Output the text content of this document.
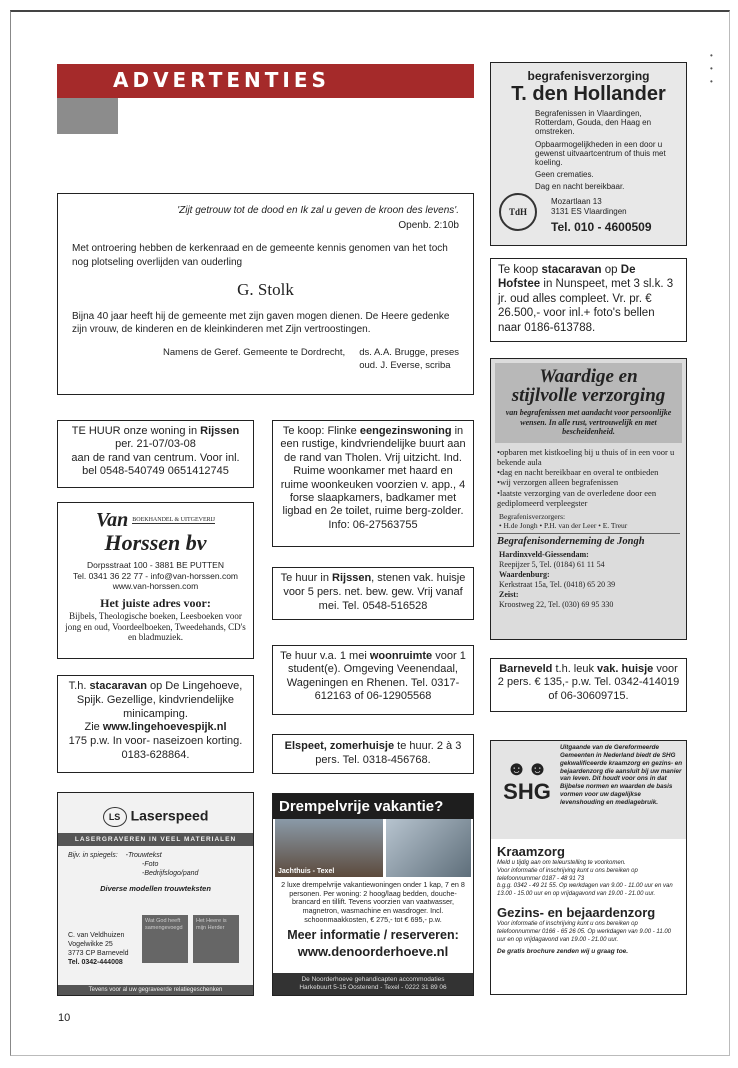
•
•
•
ADVERTENTIES
'Zijt getrouw tot de dood en Ik zal u geven de kroon des levens'.
Openb. 2:10b
Met ontroering hebben de kerkenraad en de gemeente kennis genomen van het toch nog plotseling overlijden van ouderling
G. Stolk
Bijna 40 jaar heeft hij de gemeente met zijn gaven mogen dienen. De Heere gedenke zijn vrouw, de kinderen en de kleinkinderen met Zijn vertroostingen.
Namens de Geref. Gemeente te Dordrecht, ds. A.A. Brugge, preses
oud. J. Everse, scriba
begrafenisverzorging
T. den Hollander
Begrafenissen in Vlaardingen, Rotterdam, Gouda, den Haag en omstreken.
Opbaarmogelijkheden in een door u gewenst uitvaartcentrum of thuis met koeling.
Geen crematies.
Dag en nacht bereikbaar.
TdH
Mozartlaan 13
3131 ES Vlaardingen
Tel. 010 - 4600509
Te koop stacaravan op De Hofstee in Nunspeet, met 3 sl.k. 3 jr. oud alles compleet. Vr. pr. € 26.500,- voor inl.+ foto's bellen naar 0186-613788.
Waardige en
stijlvolle verzorging
van begrafenissen met aandacht voor persoonlijke wensen. In alle rust, vertrouwelijk en met bescheidenheid.
• opbaren met kistkoeling bij u thuis of in een voor u bekende aula
• dag en nacht bereikbaar en overal te ontbieden
• wij verzorgen alleen begrafenissen
• laatste verzorging van de overledene door een gediplomeerd verpleegster
Begrafenisverzorgers:
• H.de Jongh • P.H. van der Leer • E. Treur
Begrafenisonderneming de Jongh
Hardinxveld-Giessendam:
Reepijzer 5, Tel. (0184) 61 11 54
Waardenburg:
Kerkstraat 15a, Tel. (0418) 65 20 39
Zeist:
Kroostweg 22, Tel. (030) 69 95 330
TE HUUR onze woning in Rijssen
per. 21-07/03-08
aan de rand van centrum. Voor inl.
bel 0548-540749 0651412745
Te koop: Flinke eengezinswoning in een rustige, kindvriendelijke buurt aan de rand van Tholen. Vrij uitzicht. Ind. Ruime woonkamer met haard en ruime woonkeuken voorzien v. app., 4 forse slaapkamers, badkamer met ligbad en 2e toilet, ruime berg-zolder. Info: 06-27563755
Van BOEKHANDEL & UITGEVERIJ
Horssen bv
Dorpsstraat 100 - 3881 BE PUTTEN
Tel. 0341 36 22 77 - info@van-horssen.com
www.van-horssen.com
Het juiste adres voor:
Bijbels, Theologische boeken, Leesboeken voor jong en oud, Voordeelboeken, Tweedehands, CD's en bladmuziek.
Te huur in Rijssen, stenen vak. huisje voor 5 pers. net. bew. gew. Vrij vanaf mei. Tel. 0548-516528
Te huur v.a. 1 mei woonruimte voor 1 student(e). Omgeving Veenendaal, Wageningen en Rhenen. Tel. 0317-612163 of 06-12905568
Barneveld t.h. leuk vak. huisje voor 2 pers. € 135,- p.w. Tel. 0342-414019 of 06-30609715.
T.h. stacaravan op De Lingehoeve, Spijk. Gezellige, kindvriendelijke minicamping.
Zie www.lingehoevespijk.nl
175 p.w. In voor- naseizoen korting. 0183-628864.
Elspeet, zomerhuisje te huur. 2 à 3 pers. Tel. 0318-456768.
LS Laserspeed
LASERGRAVEREN IN VEEL MATERIALEN
Bijv. in spiegels: -Trouwtekst
-Foto
-Bedrijfslogo/pand
Diverse modellen trouwteksten
Wat God heeft samengevoegd
Het Heere is mijn Herder
C. van Veldhuizen
Vogelwikke 25
3773 CP Barneveld
Tel. 0342-444008
Tevens voor al uw gegraveerde relatiegeschenken
Drempelvrije vakantie?
Jachthuis - Texel
2 luxe drempelvrije vakantiewoningen onder 1 kap, 7 en 8 personen. Per woning: 2 hoog/laag bedden, douche-brancard en tillift. Tevens voorzien van vaatwasser, magnetron, wasmachine en wasdroger. Incl. schoonmaakkosten, € 275,- tot € 695,- p.w.
Meer informatie / reserveren:
www.denoorderhoeve.nl
De Noorderhoeve gehandicapten accommodaties
Harkebuurt 5-15 Oosterend - Texel - 0222 31 89 06
☻☻
SHG
Uitgaande van de Gereformeerde Gemeenten in Nederland biedt de SHG gekwalificeerde kraamzorg en gezins- en bejaardenzorg die aansluit bij uw manier van leven. Dit houdt voor ons in dat Bijbelse normen en waarden de basis vormen voor uw dagelijkse levenshouding en mediagebruik.
Kraamzorg
Meld u tijdig aan om teleurstelling te voorkomen.
Voor informatie of inschrijving kunt u ons bereiken op telefoonnummer 0187 - 48 91 73
b.g.g. 0342 - 49 21 55. Op werkdagen van 9.00 - 11.00 uur en van 13.00 - 15.00 uur en op vrijdagavond van 19.00 - 21.00 uur.
Gezins- en bejaardenzorg
Voor informatie of inschrijving kunt u ons bereiken op telefoonnummer 0166 - 65 26 05. Op werkdagen van 9.00 - 11.00 uur en op vrijdagavond van 19.00 - 21.00 uur.
De gratis brochure zenden wij u graag toe.
10
